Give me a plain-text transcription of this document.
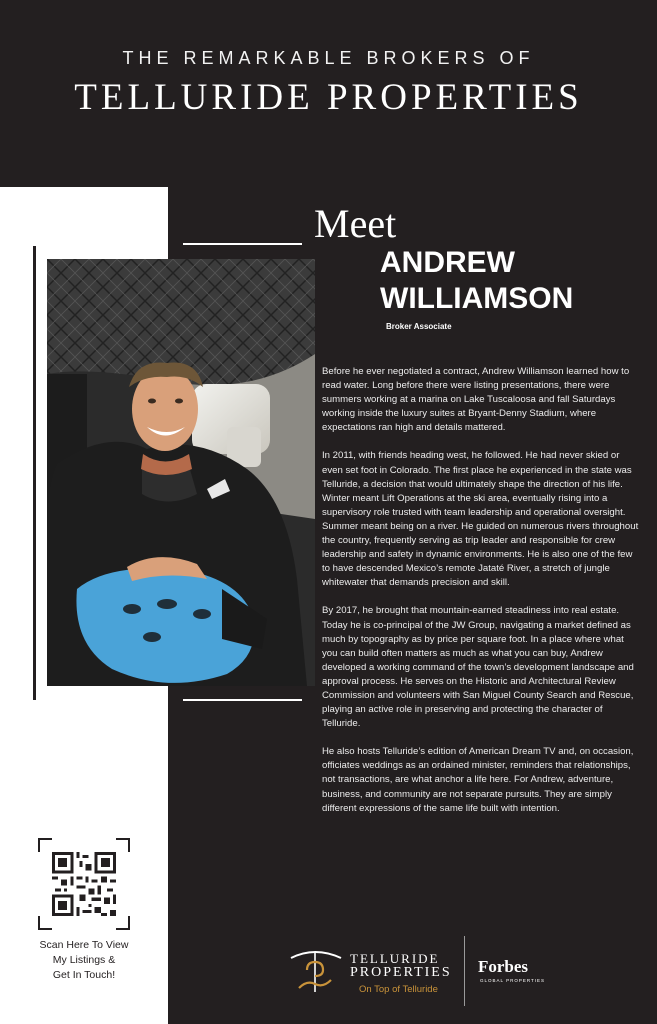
THE REMARKABLE BROKERS OF
TELLURIDE PROPERTIES
Meet
ANDREW
WILLIAMSON
Broker Associate

Before he ever negotiated a contract, Andrew Williamson learned how to read water. Long before there were listing presentations, there were summers working at a marina on Lake Tuscaloosa and fall Saturdays working inside the luxury suites at Bryant-Denny Stadium, where expectations ran high and details mattered.

In 2011, with friends heading west, he followed. He had never skied or even set foot in Colorado. The first place he experienced in the state was Telluride, a decision that would ultimately shape the direction of his life. Winter meant Lift Operations at the ski area, eventually rising into a supervisory role trusted with team leadership and operational oversight. Summer meant being on a river. He guided on numerous rivers throughout the country, frequently serving as trip leader and responsible for crew leadership and safety in dynamic environments. He is also one of the few to have descended Mexico’s remote Jataté River, a stretch of jungle whitewater that demands precision and skill.

By 2017, he brought that mountain-earned steadiness into real estate. Today he is co-principal of the JW Group, navigating a market defined as much by topography as by price per square foot. In a place where what you can build often matters as much as what you can buy, Andrew developed a working command of the town’s development landscape and approval process. He serves on the Historic and Architectural Review Commission and volunteers with San Miguel County Search and Rescue, playing an active role in preserving and protecting the character of Telluride.

He also hosts Telluride’s edition of American Dream TV and, on occasion, officiates weddings as an ordained minister, reminders that relationships, not transactions, are what anchor a life here. For Andrew, adventure, business, and community are not separate pursuits. They are simply different expressions of the same life built with intention.

Scan Here To View
My Listings &
Get In Touch!
TELLURIDE
PROPERTIES
On Top of Telluride
Forbes
GLOBAL PROPERTIES
